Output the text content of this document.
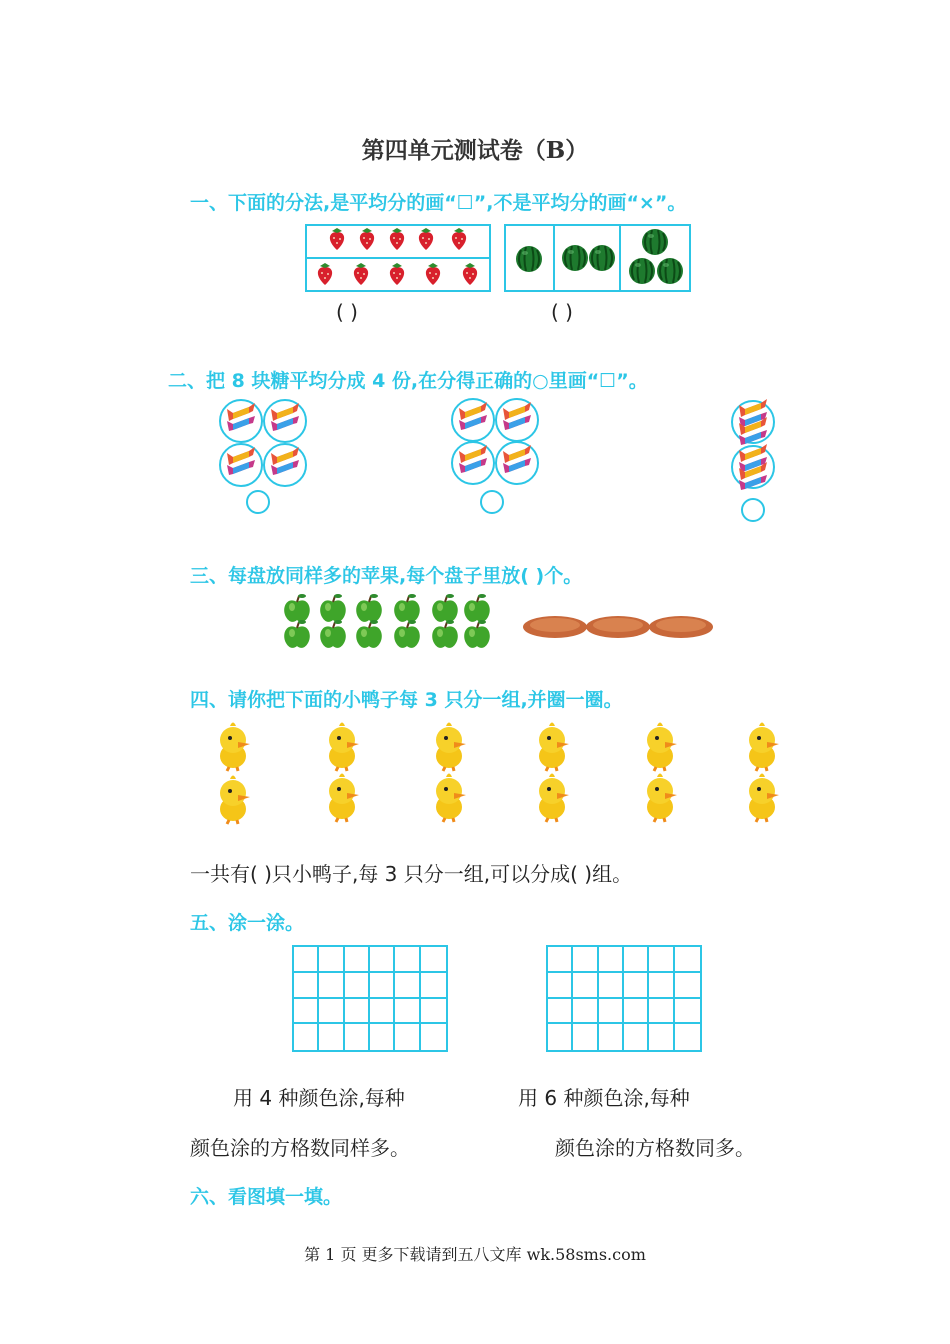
第四单元测试卷（B）
一、下面的分法,是平均分的画“☐”,不是平均分的画“×”。
( )	( )
二、把 8 块糖平均分成 4 份,在分得正确的○里画“☐”。
三、每盘放同样多的苹果,每个盘子里放( )个。
四、请你把下面的小鸭子每 3 只分一组,并圈一圈。
一共有( )只小鸭子,每 3 只分一组,可以分成( )组。
五、涂一涂。
用 4 种颜色涂,每种	用 6 种颜色涂,每种
颜色涂的方格数同样多。	颜色涂的方格数同多。
六、看图填一填。
第 1 页 更多下载请到五八文库 wk.58sms.com
